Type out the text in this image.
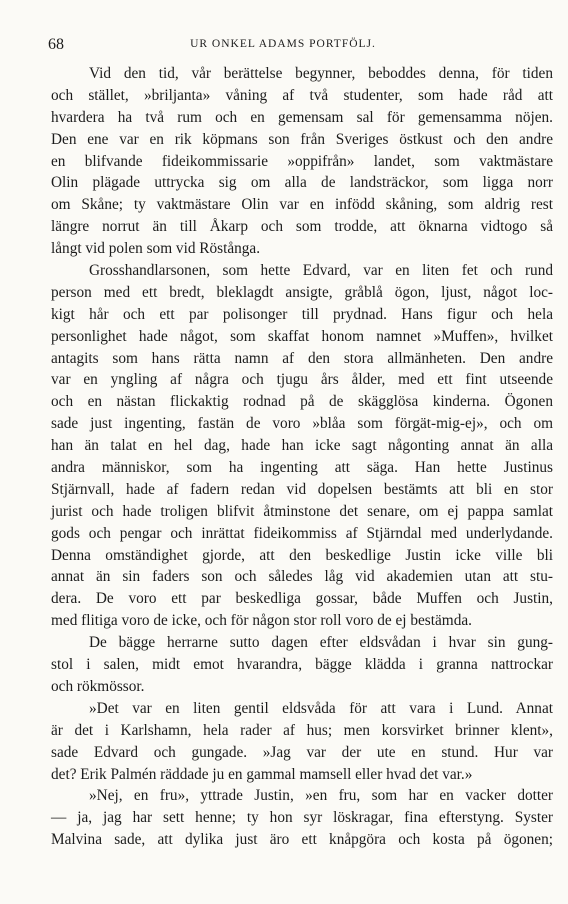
68	UR ONKEL ADAMS PORTFÖLJ.
Vid den tid, vår berättelse begynner, beboddes denna, för tiden
och stället, »briljanta» våning af två studenter, som hade råd att
hvardera ha två rum och en gemensam sal för gemensamma nöjen.
Den ene var en rik köpmans son från Sveriges östkust och den andre
en blifvande fideikommissarie »oppifrån» landet, som vaktmästare
Olin plägade uttrycka sig om alla de landsträckor, som ligga norr
om Skåne; ty vaktmästare Olin var en infödd skåning, som aldrig rest
längre norrut än till Åkarp och som trodde, att öknarna vidtogo så
långt vid polen som vid Röstånga.
Grosshandlarsonen, som hette Edvard, var en liten fet och rund
person med ett bredt, bleklagdt ansigte, gråblå ögon, ljust, något loc-
kigt hår och ett par polisonger till prydnad. Hans figur och hela
personlighet hade något, som skaffat honom namnet »Muffen», hvilket
antagits som hans rätta namn af den stora allmänheten. Den andre
var en yngling af några och tjugu års ålder, med ett fint utseende
och en nästan flickaktig rodnad på de skägglösa kinderna. Ögonen
sade just ingenting, fastän de voro »blåa som förgät-mig-ej», och om
han än talat en hel dag, hade han icke sagt någonting annat än alla
andra människor, som ha ingenting att säga. Han hette Justinus
Stjärnvall, hade af fadern redan vid dopelsen bestämts att bli en stor
jurist och hade troligen blifvit åtminstone det senare, om ej pappa samlat
gods och pengar och inrättat fideikommiss af Stjärndal med underlydande.
Denna omständighet gjorde, att den beskedlige Justin icke ville bli
annat än sin faders son och således låg vid akademien utan att stu-
dera. De voro ett par beskedliga gossar, både Muffen och Justin,
med flitiga voro de icke, och för någon stor roll voro de ej bestämda.
De bägge herrarne sutto dagen efter eldsvådan i hvar sin gung-
stol i salen, midt emot hvarandra, bägge klädda i granna nattrockar
och rökmössor.
»Det var en liten gentil eldsvåda för att vara i Lund. Annat
är det i Karlshamn, hela rader af hus; men korsvirket brinner klent»,
sade Edvard och gungade. »Jag var der ute en stund. Hur var
det? Erik Palmén räddade ju en gammal mamsell eller hvad det var.»
»Nej, en fru», yttrade Justin, »en fru, som har en vacker dotter
— ja, jag har sett henne; ty hon syr löskragar, fina efterstyng. Syster
Malvina sade, att dylika just äro ett knåpgöra och kosta på ögonen;
